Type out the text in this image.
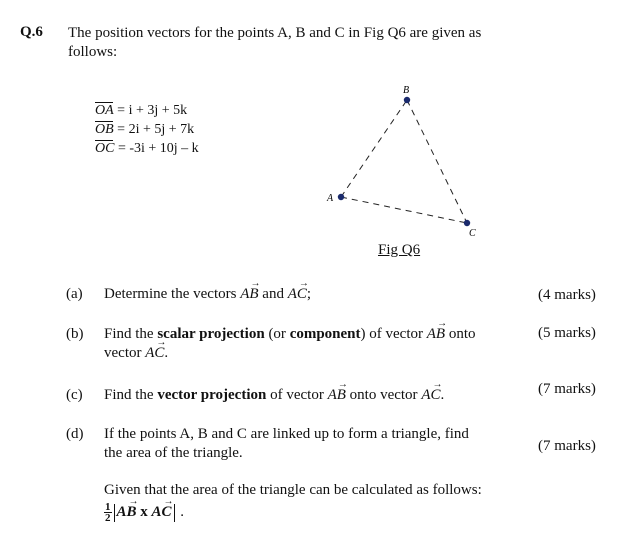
Q.6 The position vectors for the points A, B and C in Fig Q6 are given as follows:
OA = i + 3j + 5k
OB = 2i + 5j + 7k
OC = -3i + 10j – k
A
B
C
Fig Q6
(a) Determine the vectors → AB and → AC;	(4 marks)
(b) Find the scalar projection (or component) of vector → AB onto
vector → AC.
(5 marks)
(c) Find the vector projection of vector → AB onto vector → AC.	(7 marks)
(d) If the points A, B and C are linked up to form a triangle, find
the area of the triangle.	(7 marks)
Given that the area of the triangle can be calculated as follows:
$\frac{1}{2}$
→ AB x → AC .
